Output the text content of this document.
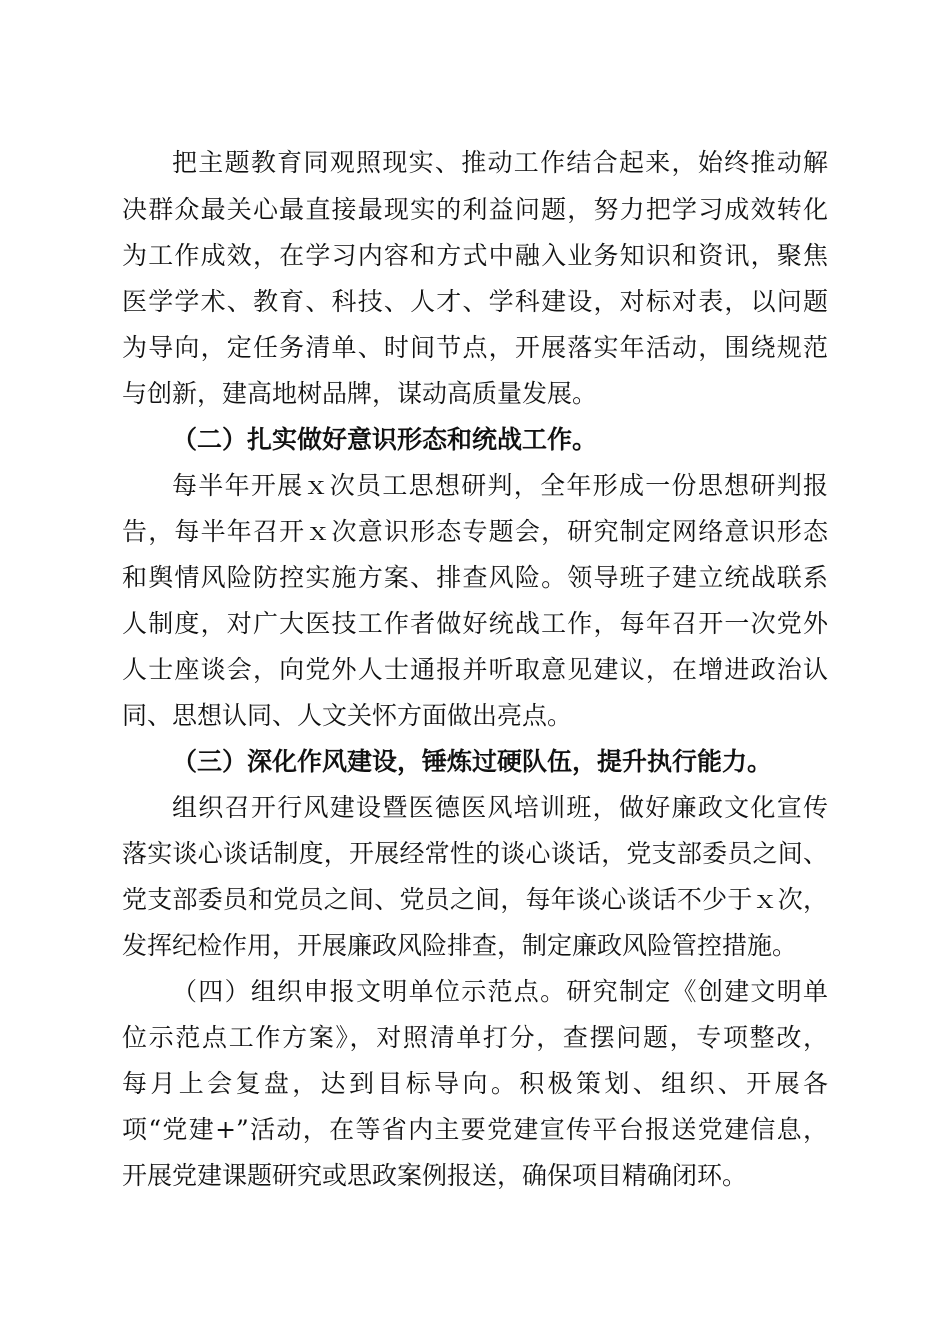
把主题教育同观照现实、推动工作结合起来，始终推动解
决群众最关心最直接最现实的利益问题，努力把学习成效转化
为工作成效，在学习内容和方式中融入业务知识和资讯，聚焦
医学学术、教育、科技、人才、学科建设，对标对表，以问题
为导向，定任务清单、时间节点，开展落实年活动，围绕规范
与创新，建高地树品牌，谋动高质量发展。
（二）扎实做好意识形态和统战工作。
每半年开展ｘ次员工思想研判，全年形成一份思想研判报
告，每半年召开ｘ次意识形态专题会，研究制定网络意识形态
和舆情风险防控实施方案、排查风险。领导班子建立统战联系
人制度，对广大医技工作者做好统战工作，每年召开一次党外
人士座谈会，向党外人士通报并听取意见建议，在增进政治认
同、思想认同、人文关怀方面做出亮点。
（三）深化作风建设，锤炼过硬队伍，提升执行能力。
组织召开行风建设暨医德医风培训班，做好廉政文化宣传
落实谈心谈话制度，开展经常性的谈心谈话，党支部委员之间、
党支部委员和党员之间、党员之间，每年谈心谈话不少于ｘ次，
发挥纪检作用，开展廉政风险排查，制定廉政风险管控措施。
（四）组织申报文明单位示范点。研究制定《创建文明单
位示范点工作方案》，对照清单打分，查摆问题，专项整改，
每月上会复盘，达到目标导向。积极策划、组织、开展各
项“党建+”活动，在等省内主要党建宣传平台报送党建信息，
开展党建课题研究或思政案例报送，确保项目精确闭环。
